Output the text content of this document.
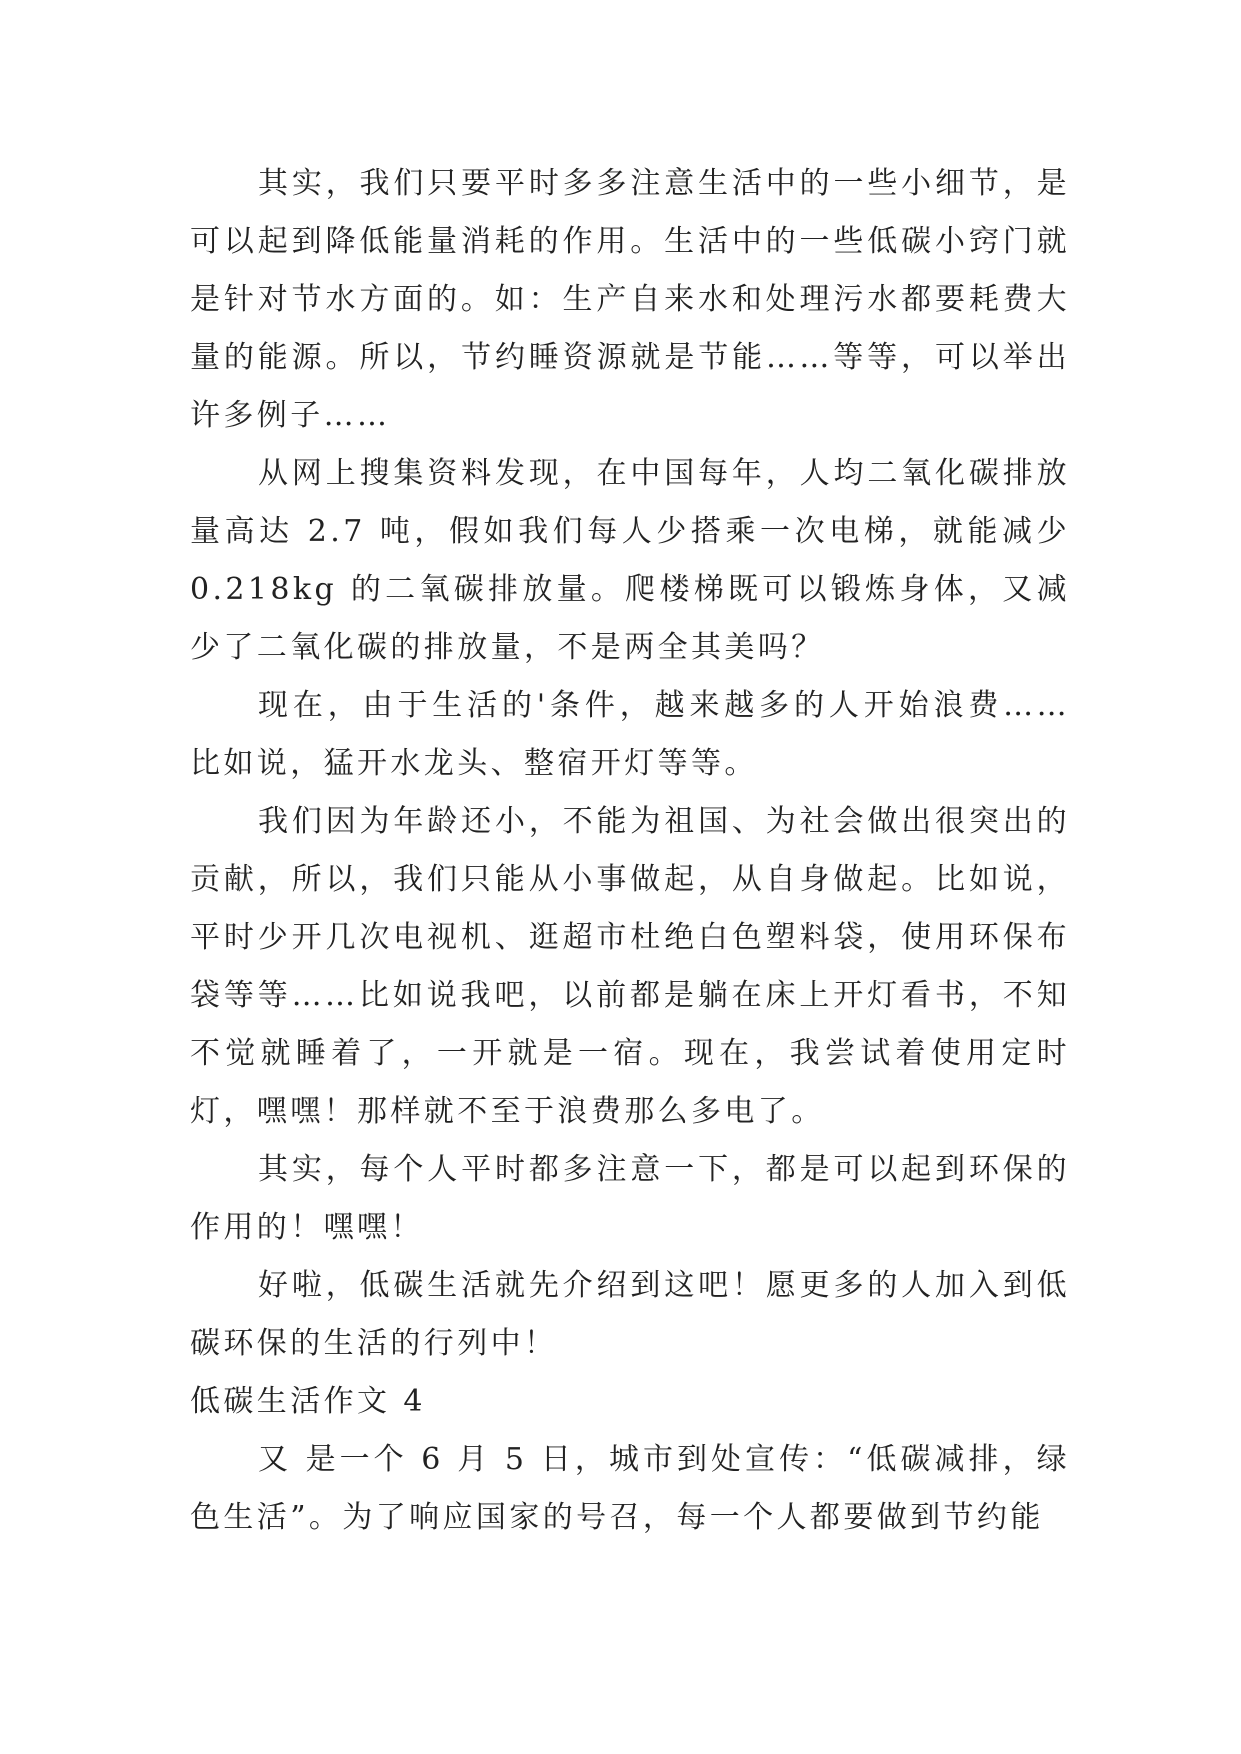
其实，我们只要平时多多注意生活中的一些小细节，是可以起到降低能量消耗的作用。生活中的一些低碳小窍门就是针对节水方面的。如：生产自来水和处理污水都要耗费大量的能源。所以，节约睡资源就是节能……等等，可以举出许多例子……

从网上搜集资料发现，在中国每年，人均二氧化碳排放量高达 2.7 吨，假如我们每人少搭乘一次电梯，就能减少 0.218kg 的二氧碳排放量。爬楼梯既可以锻炼身体，又减少了二氧化碳的排放量，不是两全其美吗？

现在，由于生活的'条件，越来越多的人开始浪费……比如说，猛开水龙头、整宿开灯等等。

我们因为年龄还小，不能为祖国、为社会做出很突出的贡献，所以，我们只能从小事做起，从自身做起。比如说，平时少开几次电视机、逛超市杜绝白色塑料袋，使用环保布袋等等……比如说我吧，以前都是躺在床上开灯看书，不知不觉就睡着了，一开就是一宿。现在，我尝试着使用定时灯，嘿嘿！那样就不至于浪费那么多电了。

其实，每个人平时都多注意一下，都是可以起到环保的作用的！嘿嘿！

好啦，低碳生活就先介绍到这吧！愿更多的人加入到低碳环保的生活的行列中！

低碳生活作文 4

又 是一个 6 月 5 日，城市到处宣传：“低碳减排，绿色生活”。为了响应国家的号召，每一个人都要做到节约能
